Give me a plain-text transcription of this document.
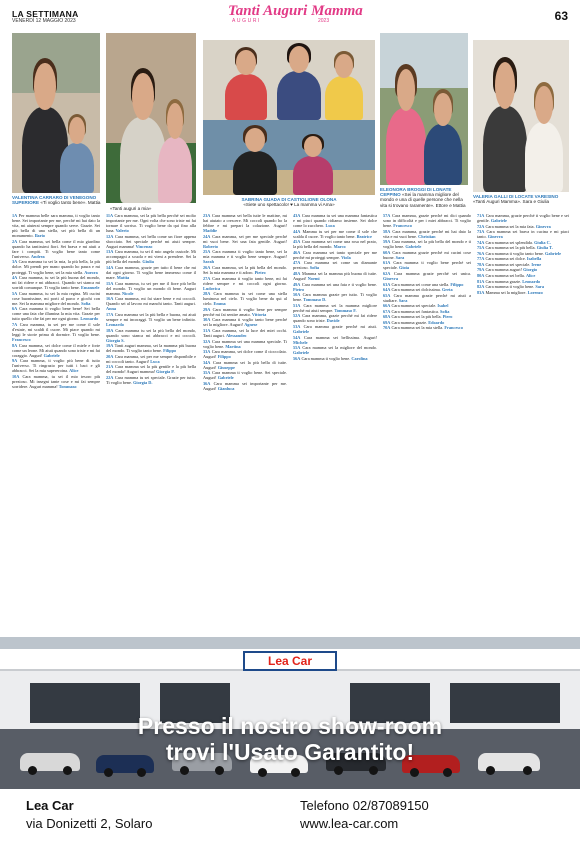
LA SETTIMANA
VENERDÌ 12 MAGGIO 2023
Tanti Auguri Mamma
AUGURI	2023	63
VALENTINA CARRARO DI VENEGONO SUPERIORE «Ti voglio tanto bene». Mattia
«Tanti auguri a mia»
SABRINA GUADA DI CASTIGLIONE OLONA
«Siete uno spettacolo! ♥ La mamma vi Ama»
ELEONORA BROGGI DI LONATE CEPPINO «Sei la mamma migliore del mondo e una di quelle persone che nella vita si trovano raramente». Ettore e Mattia
VALERIA GALLI DI LOCATE VARESINO «Tanti Auguri Mamma». Sara e Giulia

1A Per mamma belle sara mamma, ti voglio tanto bene. Sei importante per me, perché mi hai dato la vita, mi aiuterai sempre quando serve. Grazie. Sei più bella di una stella, sei più bella di un monumento. Ilario

2A Cara mamma, sei bella come il mio giardino quando ha tantissimi fiori. Sei brava e mi aiuti a fare i compiti. Ti voglio bene tanto come l'universo. Andrea

3A Cara mamma tu sei la mia, la più bella, la più dolce. Mi prendi per mano quando ho paura e mi proteggi. Ti voglio bene, sei la mia stella. Aurora

4A Cara mamma, tu sei la più buona del mondo, mi fai ridere e mi abbracci. Quando sei stanca mi sorridi comunque. Ti voglio tanto bene. Emanuele

5A Cara mamma, tu sei la mia regina. Mi cucini cose buonissime, mi porti al parco e giochi con me. Sei la mamma migliore del mondo. Sofia

6A Cara mamma ti voglio bene bene! Sei bella come una fata che illumina la mia vita. Grazie per tutto quello che fai per me ogni giorno. Leonardo

7A Cara mamma, tu sei per me come il sole d'estate, mi scaldi il cuore. Mi piace quando mi leggi le storie prima di dormire. Ti voglio bene. Francesco

8A Cara mamma, sei dolce come il miele e forte come un leone. Mi aiuti quando sono triste e mi fai coraggio. Auguri! Gabriele

9A Cara mamma, ti voglio più bene di tutto l'universo. Ti ringrazio per tutti i baci e gli abbracci. Sei la mia supereroina. Alice

10A Cara mamma, tu sei il mio tesoro più prezioso. Mi insegni tante cose e mi fai sempre sorridere. Auguri mamma! Tommaso

11A Cara mamma, sei la più bella perché sei molto importante per me. Ogni volta che sono triste mi fai tornare il sorriso. Ti voglio bene da qui fino alla luna. Valerio

12A Cara mamma, sei bella come un fiore appena sbocciato. Sei speciale perché mi aiuti sempre. Auguri mamma! Vincenzo

13A Cara mamma, tu sei il mio angelo custode. Mi accompagni a scuola e mi vieni a prendere. Sei la più bella del mondo. Giulia

14A Cara mamma, grazie per tutto il bene che mi dai ogni giorno. Ti voglio bene immenso come il mare. Mattia

15A Cara mamma, tu sei per me il fiore più bello del mondo. Ti voglio un mondo di bene. Auguri mamma. Nicole

16A Cara mamma, mi fai stare bene e mi coccoli. Quando sei al lavoro mi manchi tanto. Tanti auguri. Anna

17A Cara mamma sei la più bella e buona, mi aiuti sempre e mi incoraggi. Ti voglio un bene infinito. Leonardo

18A Cara mamma tu sei la più bella del mondo, quando sono stanca mi abbracci e mi coccoli. Giorgia S.

19A Tanti auguri mamma, sei la mamma più buona del mondo. Ti voglio tanto bene. Filippo

20A Cara mamma, sei per me sempre disponibile e mi coccoli tanto. Auguri! Luca

21A Cara mamma sei la più gentile e la più bella del mondo! Auguri mamma! Giorgia P.

22A Cara mamma tu sei speciale. Grazie per tutto. Ti voglio bene. Giorgia D.

23A Cara mamma sei bella tutte le mattine, mi hai aiutato a crescere. Mi coccoli quando ho la febbre e mi prepari la colazione. Auguri! Maddie

24A Cara mamma, sei per me speciale perché mi vuoi bene. Sei una fata gentile. Auguri! Roberto

25A Cara mamma ti voglio tanto bene, sei la mia mamma e ti voglio bene sempre. Auguri! Sarah

26A Cara mamma, sei la più bella del mondo. Sei la mia mamma e ti adoro. Pietro

27A Cara mamma ti voglio tanto bene, mi fai ridere sempre e mi coccoli ogni giorno. Ludovica

28A Cara mamma tu sei come una stella luminosa nel cielo. Ti voglio bene da qui al cielo. Emma

29A Cara mamma ti voglio bene per sempre perché mi fai sentire amato. Vittoria

30A Cara mamma ti voglio tanto bene perché sei la migliore. Auguri! Agnese

31A Cara mamma, sei la luce dei miei occhi. Tanti auguri. Alessandro

32A Cara mamma sei una mamma speciale. Ti voglio bene. Martina

33A Cara mamma, sei dolce come il cioccolato. Auguri! Filippo

34A Cara mamma sei la più bella di tutte. Auguri! Giuseppe

35A Cara mamma ti voglio bene. Sei speciale. Auguri! Gabriele

36A Cara mamma sei importante per me. Auguri! Gianluca

43A Cara mamma tu sei una mamma fantastica e mi piaci quando ridiamo insieme. Sei dolce come lo zucchero. Luca

44A Mamma tu sei per me come il sole che scalda il cuore. Ti voglio tanto bene. Beatrice

45A Cara mamma sei come una rosa nel prato, la più bella del mondo. Marco

46A Cara mamma sei tanto speciale per me perché mi proteggi sempre. Viola

47A Cara mamma sei come un diamante prezioso. Sofia

48A Mamma sei la mamma più buona di tutte. Auguri! Noemi

49A Cara mamma sei una fata e ti voglio bene. Pietro

50A Cara mamma grazie per tutto. Ti voglio bene. Tommaso D.

51A Cara mamma sei la mamma migliore perché mi aiuti sempre. Tommaso F.

52A Cara mamma, grazie perché mi fai ridere quando sono triste. Davide

53A Cara mamma grazie perché mi aiuti. Gabriele

54A Cara mamma sei bellissima. Auguri! Michele

55A Cara mamma sei la migliore del mondo. Gabriele

56A Cara mamma ti voglio bene. Carolina

57A Cara mamma, grazie perché mi dici quando sono in difficoltà e per i miei abbracci. Ti voglio bene. Francesco

58A Cara mamma, grazie perché mi hai dato la vita e mi vuoi bene. Christian

59A Cara mamma, sei la più bella del mondo e ti voglio bene. Gabriele

60A Cara mamma grazie perché mi cucini cose buone. Sara

61A Cara mamma ti voglio bene perché sei speciale. Gioia

62A Cara mamma grazie perché sei unica. Ginevra

63A Cara mamma sei come una stella. Filippo

64A Cara mamma sei dolcissima. Greta

65A Cara mamma grazie perché mi aiuti a studiare. Sara

66A Cara mamma sei speciale. Isabel

67A Cara mamma sei fantastica. Sofia

68A Cara mamma sei la più bella. Piero

69A Cara mamma grazie. Edoardo

70A Cara mamma sei la mia stella. Francesco

71A Cara mamma, grazie perché ti voglio bene e sei gentile. Gabriele

72A Cara mamma sei la mia fata. Ginevra

73A Cara mamma sei brava in cucina e mi piaci tanto. Ginevra

74A Cara mamma sei splendida. Giulia C.

75A Cara mamma sei la più bella. Giulia T.

76A Cara mamma ti voglio tanto bene. Gabriele

77A Cara mamma sei dolce. Isabella

78A Cara mamma sei speciale. Irene

79A Cara mamma auguri! Giorgio

80A Cara mamma sei bella. Alice

81A Cara mamma grazie. Leonardo

82A Cara mamma ti voglio bene. Sara

83A Mamma sei la migliore. Lorenzo

Lea Car
Presso il nostro show-room
trovi l'Usato Garantito!
Lea Car
via Donizetti 2, Solaro
Telefono 02/87089150
www.lea-car.com
